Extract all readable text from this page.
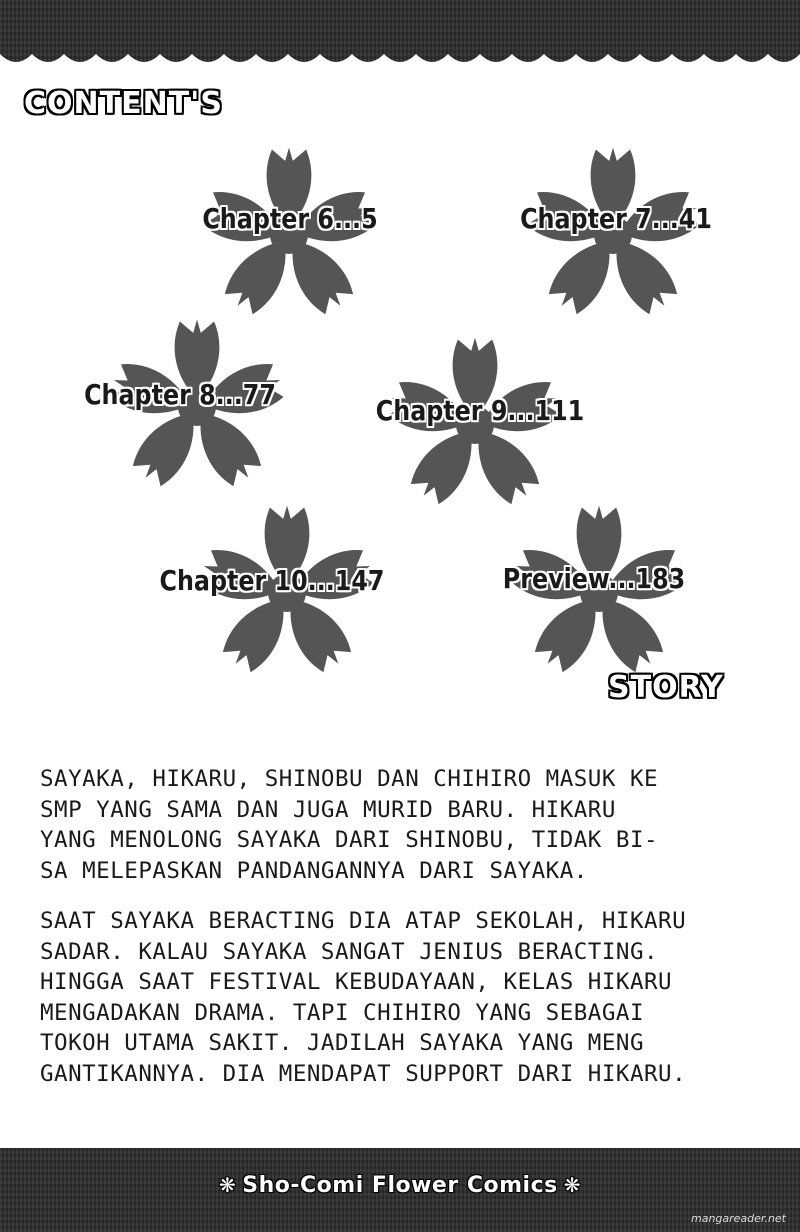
CONTENT'S
Chapter 6...5	Chapter 7...41
Chapter 8...77	Chapter 9...111
Chapter 10...147	Preview...183
STORY
SAYAKA, HIKARU, SHINOBU DAN CHIHIRO MASUK KE
SMP YANG SAMA DAN JUGA MURID BARU. HIKARU
YANG MENOLONG SAYAKA DARI SHINOBU, TIDAK BI-
SA MELEPASKAN PANDANGANNYA DARI SAYAKA.
SAAT SAYAKA BERACTING DIA ATAP SEKOLAH, HIKARU
SADAR. KALAU SAYAKA SANGAT JENIUS BERACTING.
HINGGA SAAT FESTIVAL KEBUDAYAAN, KELAS HIKARU
MENGADAKAN DRAMA. TAPI CHIHIRO YANG SEBAGAI
TOKOH UTAMA SAKIT. JADILAH SAYAKA YANG MENG
GANTIKANNYA. DIA MENDAPAT SUPPORT DARI HIKARU.
❋ Sho-Comi Flower Comics ❋
mangareader.net
